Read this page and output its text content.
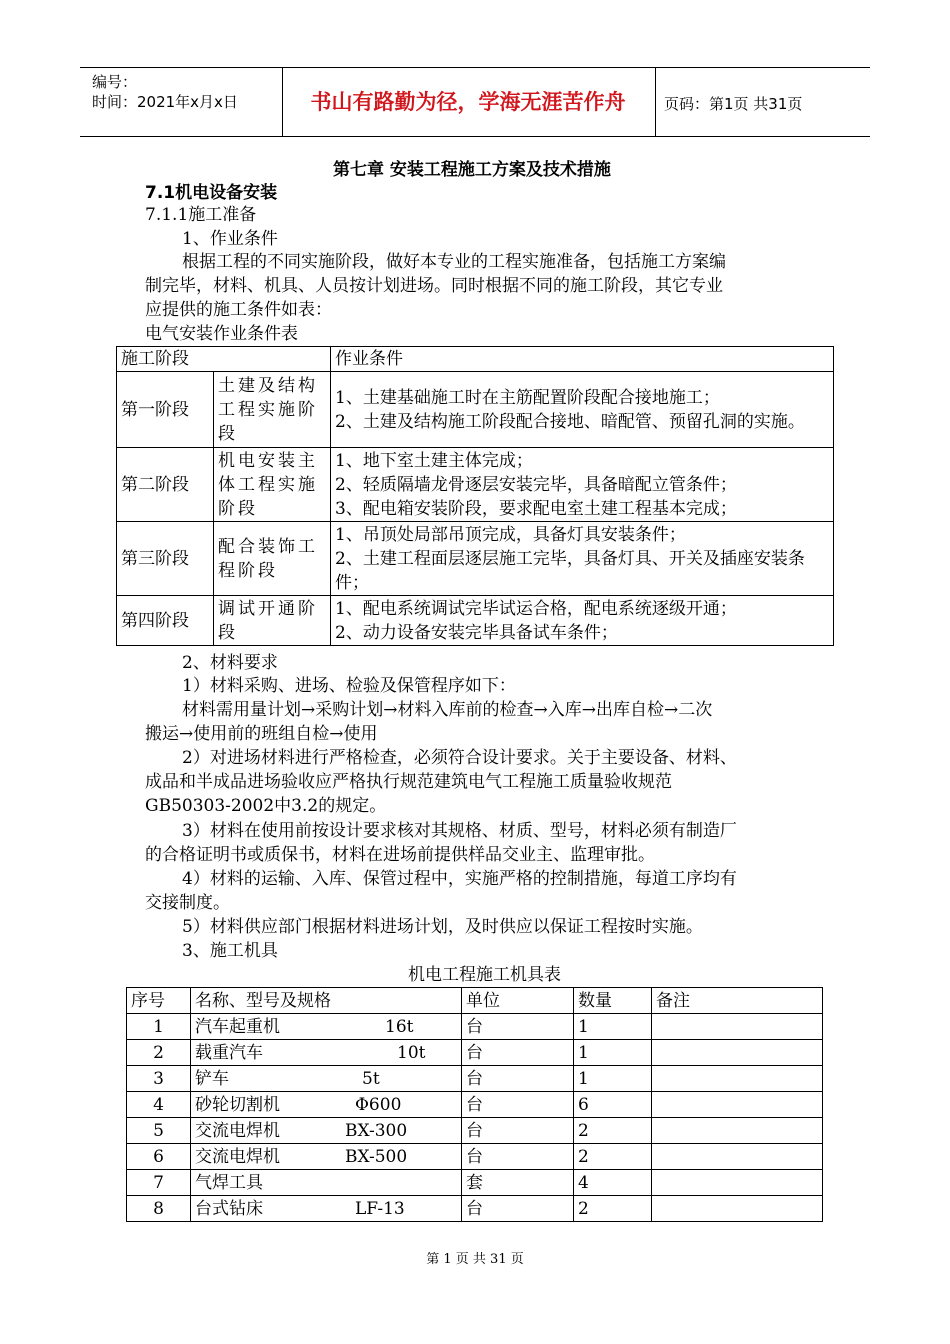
编号：
时间：2021年x月x日	书山有路勤为径，学海无涯苦作舟	页码：第1页 共31页
第七章 安装工程施工方案及技术措施
7.1机电设备安装
7.1.1施工准备
1、作业条件
根据工程的不同实施阶段，做好本专业的工程实施准备，包括施工方案编
制完毕，材料、机具、人员按计划进场。同时根据不同的施工阶段，其它专业
应提供的施工条件如表：
电气安装作业条件表
施工阶段		作业条件
第一阶段	土建及结构工程实施阶段	1、土建基础施工时在主筋配置阶段配合接地施工；
2、土建及结构施工阶段配合接地、暗配管、预留孔洞的实施。

第二阶段	机电安装主体工程实施阶段	1、地下室土建主体完成；
2、轻质隔墙龙骨逐层安装完毕，具备暗配立管条件；
3、配电箱安装阶段，要求配电室土建工程基本完成；

第三阶段	配合装饰工程阶段	1、吊顶处局部吊顶完成，具备灯具安装条件；
2、土建工程面层逐层施工完毕，具备灯具、开关及插座安装条件；

第四阶段	调试开通阶段	1、配电系统调试完毕试运合格，配电系统逐级开通；
2、动力设备安装完毕具备试车条件；
2、材料要求
1）材料采购、进场、检验及保管程序如下：
材料需用量计划→采购计划→材料入库前的检查→入库→出库自检→二次
搬运→使用前的班组自检→使用
2）对进场材料进行严格检查，必须符合设计要求。关于主要设备、材料、
成品和半成品进场验收应严格执行规范建筑电气工程施工质量验收规范
GB50303-2002中3.2的规定。
3）材料在使用前按设计要求核对其规格、材质、型号，材料必须有制造厂
的合格证明书或质保书，材料在进场前提供样品交业主、监理审批。
4）材料的运输、入库、保管过程中，实施严格的控制措施，每道工序均有
交接制度。
5）材料供应部门根据材料进场计划，及时供应以保证工程按时实施。
3、施工机具
机电工程施工机具表
序号	名称、型号及规格	单位	数量	备注
1	汽车起重机 16t	台	1	
2	载重汽车 10t	台	1	
3	铲车 5t	台	1	
4	砂轮切割机 Φ600	台	6	
5	交流电焊机 BX-300	台	2	
6	交流电焊机 BX-500	台	2	
7	气焊工具	套	4	
8	台式钻床 LF-13	台	2	
第 1 页 共 31 页
